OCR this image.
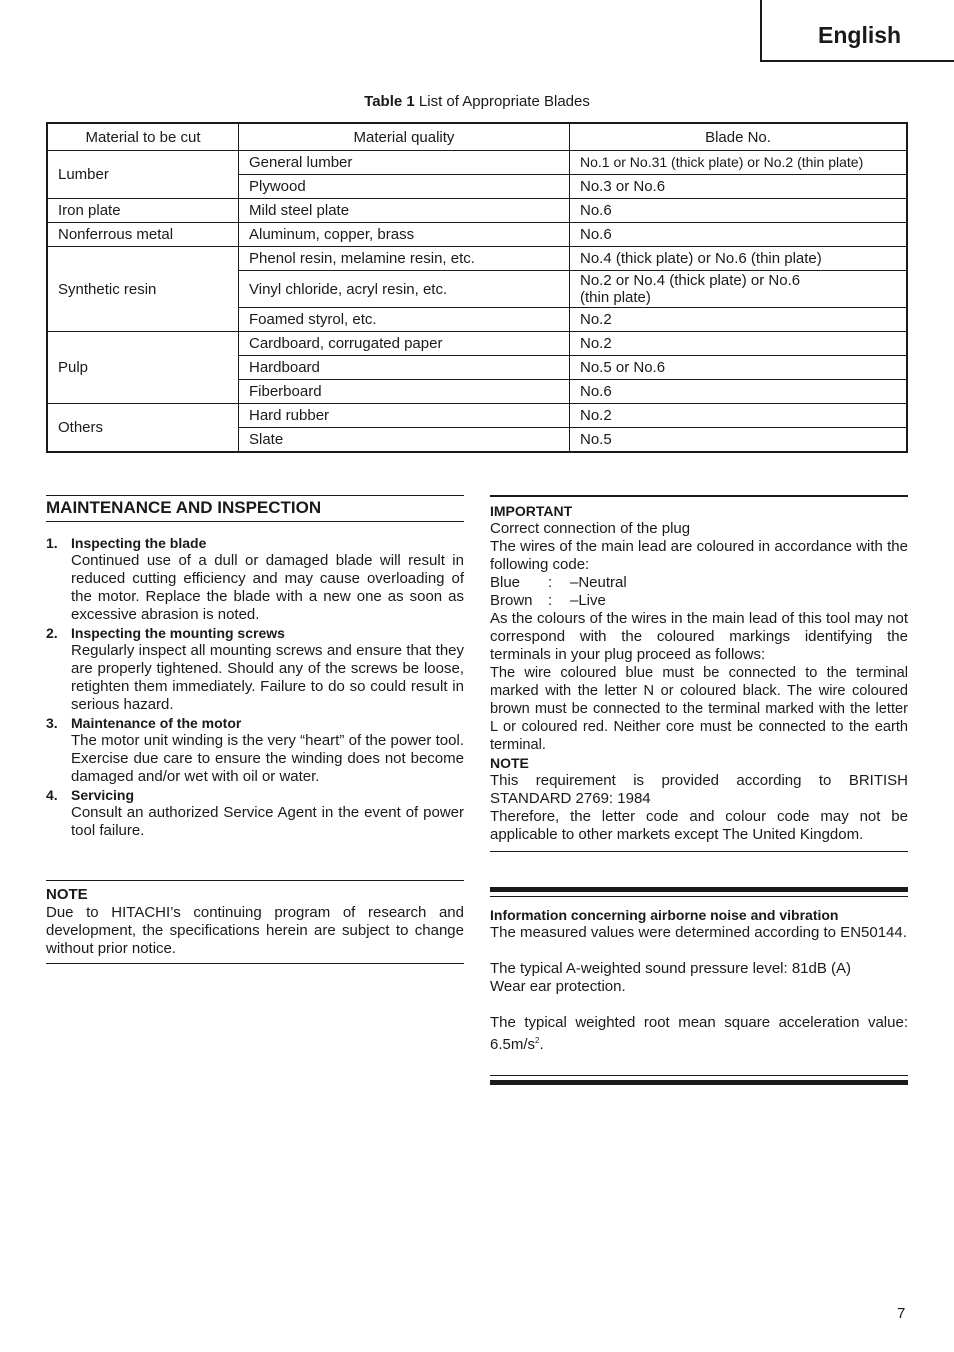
English
Table 1 List of Appropriate Blades
Material to be cut	Material quality	Blade No.
Lumber	General lumber	No.1 or No.31 (thick plate) or No.2 (thin plate)
	Plywood	No.3 or No.6
Iron plate	Mild steel plate	No.6
Nonferrous metal	Aluminum, copper, brass	No.6
Synthetic resin	Phenol resin, melamine resin, etc.	No.4 (thick plate) or No.6 (thin plate)
	Vinyl chloride, acryl resin, etc.	No.2 or No.4 (thick plate) or No.6
(thin plate)
	Foamed styrol, etc.	No.2
Pulp	Cardboard, corrugated paper	No.2
	Hardboard	No.5 or No.6
	Fiberboard	No.6
Others	Hard rubber	No.2
	Slate	No.5
MAINTENANCE AND INSPECTION
1. Inspecting the blade
Continued use of a dull or damaged blade will result in reduced cutting efficiency and may cause overloading of the motor. Replace the blade with a new one as soon as excessive abrasion is noted.
2. Inspecting the mounting screws
Regularly inspect all mounting screws and ensure that they are properly tightened. Should any of the screws be loose, retighten them immediately. Failure to do so could result in serious hazard.
3. Maintenance of the motor
The motor unit winding is the very “heart” of the power tool. Exercise due care to ensure the winding does not become damaged and/or wet with oil or water.
4. Servicing
Consult an authorized Service Agent in the event of power tool failure.
NOTE
Due to HITACHI’s continuing program of research and development, the specifications herein are subject to change without prior notice.
IMPORTANT
Correct connection of the plug
The wires of the main lead are coloured in accordance with the following code:
Blue	:	–Neutral
Brown	:	–Live
As the colours of the wires in the main lead of this tool may not correspond with the coloured markings identifying the terminals in your plug proceed as follows:
The wire coloured blue must be connected to the terminal marked with the letter N or coloured black. The wire coloured brown must be connected to the terminal marked with the letter L or coloured red. Neither core must be connected to the earth terminal.
NOTE
This requirement is provided according to BRITISH STANDARD 2769: 1984
Therefore, the letter code and colour code may not be applicable to other markets except The United Kingdom.
Information concerning airborne noise and vibration
The measured values were determined according to EN50144.
The typical A-weighted sound pressure level: 81dB (A)
Wear ear protection.
The typical weighted root mean square acceleration value: $6.5m/s^2$.
7
